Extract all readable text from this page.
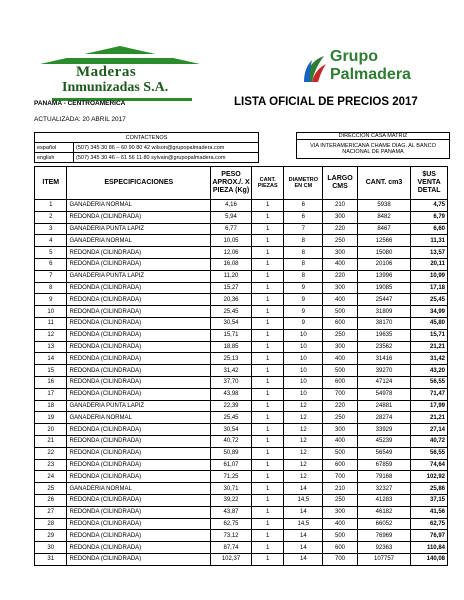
Maderas
Inmunizadas S.A.
PANAMA - CENTROAMERICA
ACTUALIZADA: 20 ABRIL 2017
Grupo
Palmadera
LISTA OFICIAL DE PRECIOS 2017
CONTACTENOS	
español	(507) 345 30 86 – 60 90 80 42 wilson@grupopalmadera.com
english	(507) 345 30 46 – 61 56 11 80 sylvain@grupopalmadera.com
DIRECCION CASA MATRIZ
VIA INTERAMERICANA CHAME DIAG. AL BANCO NACIONAL DE PANAMA
ITEM	ESPECIFICACIONES	PESO APROX./. X PIEZA (Kg)	CANT. PIEZAS	DIAMETRO EN CM	LARGO CMS	CANT. cm3	$US VENTA DETAL
1	GANADERIA NORMAL	4,16	1	6	210	5938	4,75
2	REDONDA (CILINDRADA)	5,94	1	6	300	8482	6,79
3	GANADERIA PUNTA LAPIZ	6,77	1	7	220	8467	6,60
4	GANADERIA NORMAL	10,05	1	8	250	12566	11,31
5	REDONDA (CILINDRADA)	12,06	1	8	300	15080	13,57
6	REDONDA (CILINDRADA)	16,08	1	8	400	20106	20,11
7	GANADERIA PUNTA LAPIZ	11,20	1	8	220	13996	10,99
8	REDONDA (CILINDRADA)	15,27	1	9	300	19085	17,18
9	REDONDA (CILINDRADA)	20,36	1	9	400	25447	25,45
10	REDONDA (CILINDRADA)	25,45	1	9	500	31809	34,99
11	REDONDA (CILINDRADA)	30,54	1	9	600	38170	45,80
12	REDONDA (CILINDRADA)	15,71	1	10	250	19635	15,71
13	REDONDA (CILINDRADA)	18,85	1	10	300	23562	21,21
14	REDONDA (CILINDRADA)	25,13	1	10	400	31416	31,42
15	REDONDA (CILINDRADA)	31,42	1	10	500	39270	43,20
16	REDONDA (CILINDRADA)	37,70	1	10	600	47124	56,55
17	REDONDA (CILINDRADA)	43,98	1	10	700	54978	71,47
18	GANADERIA PUNTA LAPIZ	22,39	1	12	220	24881	17,99
19	GANADERIA NORMAL	25,45	1	12	250	28274	21,21
20	REDONDA (CILINDRADA)	30,54	1	12	300	33929	27,14
21	REDONDA (CILINDRADA)	40,72	1	12	400	45239	40,72
22	REDONDA (CILINDRADA)	50,89	1	12	500	56549	56,55
23	REDONDA (CILINDRADA)	61,07	1	12	600	67859	74,64
24	REDONDA (CILINDRADA)	71,25	1	12	700	79168	102,92
25	GANADERIA NORMAL	30,71	1	14	210	32327	25,86
26	REDONDA (CILINDRADA)	39,22	1	14,5	250	41283	37,15
27	REDONDA (CILINDRADA)	43,87	1	14	300	46182	41,56
28	REDONDA (CILINDRADA)	62,75	1	14,5	400	66052	62,75
29	REDONDA (CILINDRADA)	73,12	1	14	500	76969	76,97
30	REDONDA (CILINDRADA)	87,74	1	14	600	92363	110,84
31	REDONDA (CILINDRADA)	102,37	1	14	700	107757	140,08
